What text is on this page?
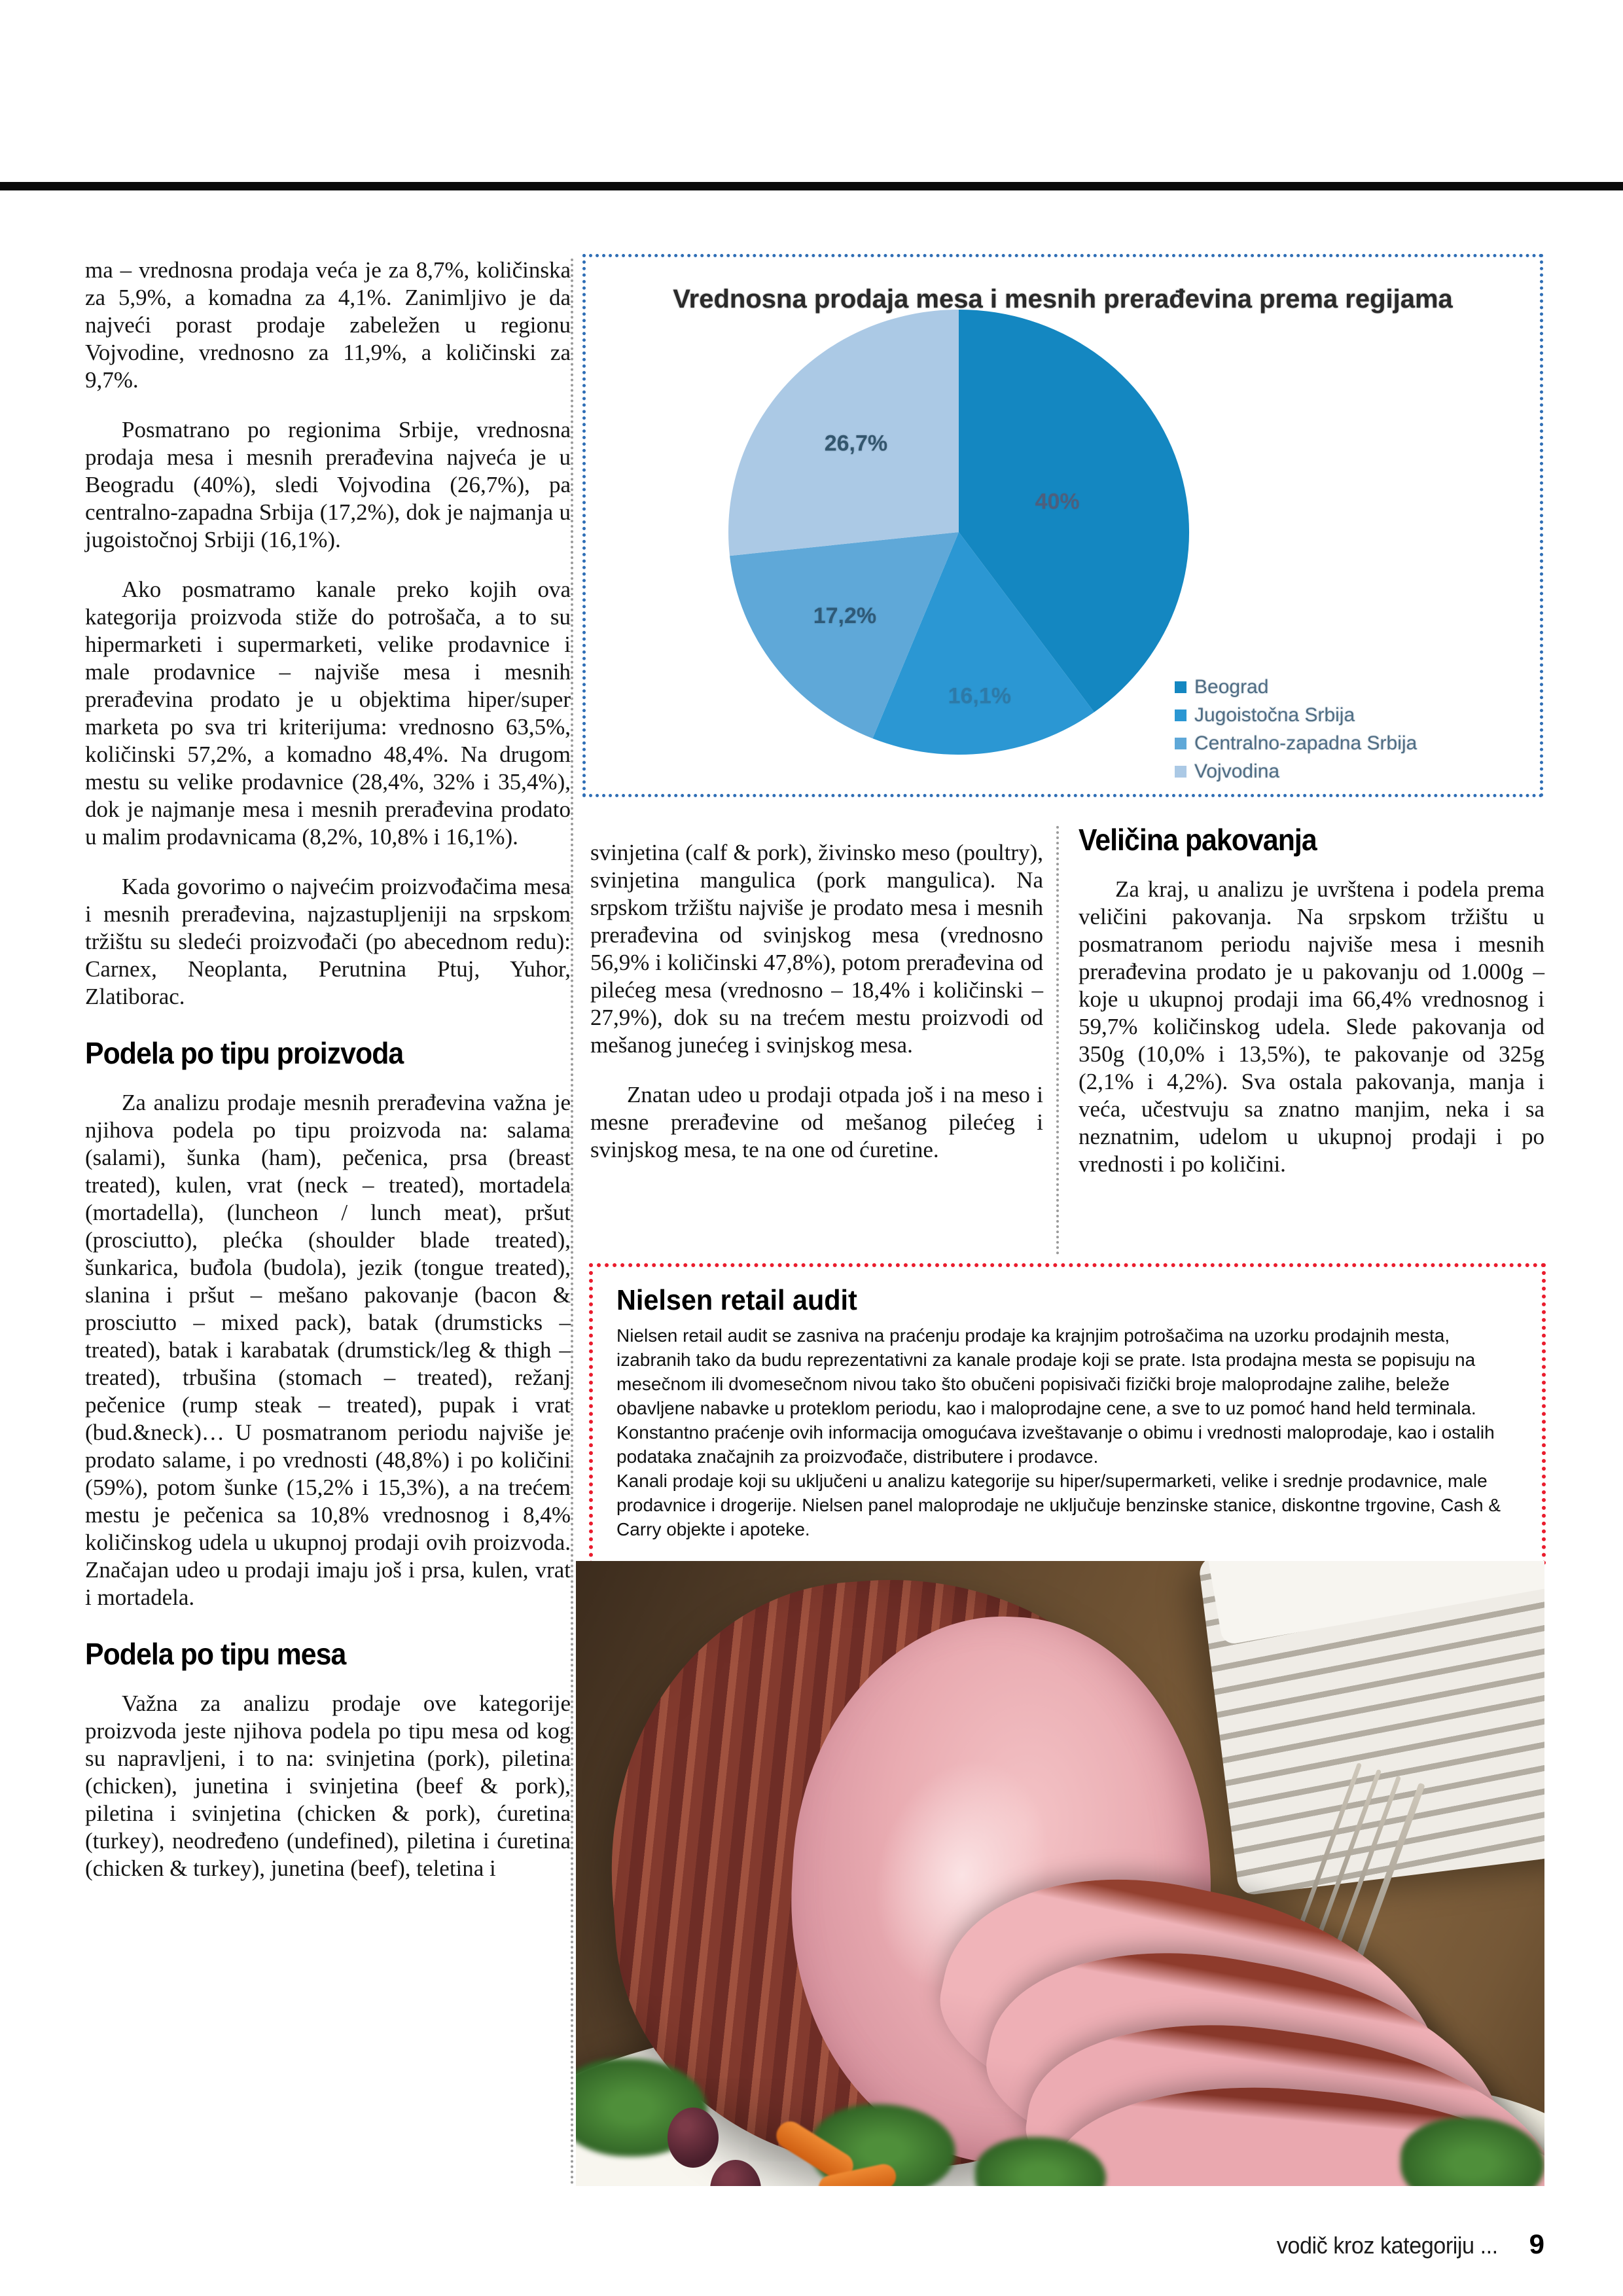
ma – vrednosna prodaja veća je za 8,7%, količinska za 5,9%, a komadna za 4,1%. Zanimljivo je da najveći porast prodaje zabeležen u regionu Vojvodine, vrednosno za 11,9%, a količinski za 9,7%.

Posmatrano po regionima Srbije, vrednosna prodaja mesa i mesnih prerađevina najveća je u Beogradu (40%), sledi Vojvodina (26,7%), pa centralno-zapadna Srbija (17,2%), dok je najmanja u jugoistočnoj Srbiji (16,1%).

Ako posmatramo kanale preko kojih ova kategorija proizvoda stiže do potrošača, a to su hipermarketi i supermarketi, velike prodavnice i male prodavnice – najviše mesa i mesnih prerađevina prodato je u objektima hiper/super marketa po sva tri kriterijuma: vrednosno 63,5%, količinski 57,2%, a komadno 48,4%. Na drugom mestu su velike prodavnice (28,4%, 32% i 35,4%), dok je najmanje mesa i mesnih prerađevina prodato u malim prodavnicama (8,2%, 10,8% i 16,1%).

Kada govorimo o najvećim proizvođačima mesa i mesnih prerađevina, najzastupljeniji na srpskom tržištu su sledeći proizvođači (po abecednom redu): Carnex, Neoplanta, Perutnina Ptuj, Yuhor, Zlatiborac.

Podela po tipu proizvoda

Za analizu prodaje mesnih prerađevina važna je njihova podela po tipu proizvoda na: salama (salami), šunka (ham), pečenica, prsa (breast treated), kulen, vrat (neck – treated), mortadela (mortadella), (luncheon / lunch meat), pršut (prosciutto), plećka (shoulder blade treated), šunkarica, buđola (budola), jezik (tongue treated), slanina i pršut – mešano pakovanje (bacon & prosciutto – mixed pack), batak (drumsticks – treated), batak i karabatak (drumstick/leg & thigh – treated), trbušina (stomach – treated), režanj pečenice (rump steak – treated), pupak i vrat (bud.&neck)… U posmatranom periodu najviše je prodato salame, i po vrednosti (48,8%) i po količini (59%), potom šunke (15,2% i 15,3%), a na trećem mestu je pečenica sa 10,8% vrednosnog i 8,4% količinskog udela u ukupnoj prodaji ovih proizvoda. Značajan udeo u prodaji imaju još i prsa, kulen, vrat i mortadela.

Podela po tipu mesa

Važna za analizu prodaje ove kategorije proizvoda jeste njihova podela po tipu mesa od kog su napravljeni, i to na: svinjetina (pork), piletina (chicken), junetina i svinjetina (beef & pork), piletina i svinjetina (chicken & pork), ćuretina (turkey), neodređeno (undefined), piletina i ćuretina (chicken & turkey), junetina (beef), teletina i

svinjetina (calf & pork), živinsko meso (poultry), svinjetina mangulica (pork mangulica). Na srpskom tržištu najviše je prodato mesa i mesnih prerađevina od svinjskog mesa (vrednosno 56,9% i količinski 47,8%), potom prerađevina od pilećeg mesa (vrednosno – 18,4% i količinski – 27,9%), dok su na trećem mestu proizvodi od mešanog junećeg i svinjskog mesa.

Znatan udeo u prodaji otpada još i na meso i mesne prerađevine od mešanog pilećeg i svinjskog mesa, te na one od ćuretine.

Veličina pakovanja

Za kraj, u analizu je uvrštena i podela prema veličini pakovanja. Na srpskom tržištu u posmatranom periodu najviše mesa i mesnih prerađevina prodato je u pakovanju od 1.000g – koje u ukupnoj prodaji ima 66,4% vrednosnog i 59,7% količinskog udela. Slede pakovanja od 350g (10,0% i 13,5%), te pakovanje od 325g (2,1% i 4,2%). Sva ostala pakovanja, manja i veća, učestvuju sa znatno manjim, neka i sa neznatnim, udelom u ukupnoj prodaji i po vrednosti i po količini.

40%
16,1%
17,2%
26,7%
Vrednosna prodaja mesa i mesnih prerađevina prema regijama
Beograd
Jugoistočna Srbija
Centralno-zapadna Srbija
Vojvodina
Nielsen retail audit

Nielsen retail audit se zasniva na praćenju prodaje ka krajnjim potrošačima na uzorku prodajnih mesta, izabranih tako da budu reprezentativni za kanale prodaje koji se prate. Ista prodajna mesta se popisuju na mesečnom ili dvomesečnom nivou tako što obučeni popisivači fizički broje maloprodajne zalihe, beleže obavljene nabavke u proteklom periodu, kao i maloprodajne cene, a sve to uz pomoć hand held terminala. Konstantno praćenje ovih informacija omogućava izveštavanje o obimu i vrednosti maloprodaje, kao i ostalih podataka značajnih za proizvođače, distributere i prodavce.

Kanali prodaje koji su uključeni u analizu kategorije su hiper/supermarketi, velike i srednje prodavnice, male prodavnice i drogerije. Nielsen panel maloprodaje ne uključuje benzinske stanice, diskontne trgovine, Cash & Carry objekte i apoteke.

vodič kroz kategoriju ... 9
